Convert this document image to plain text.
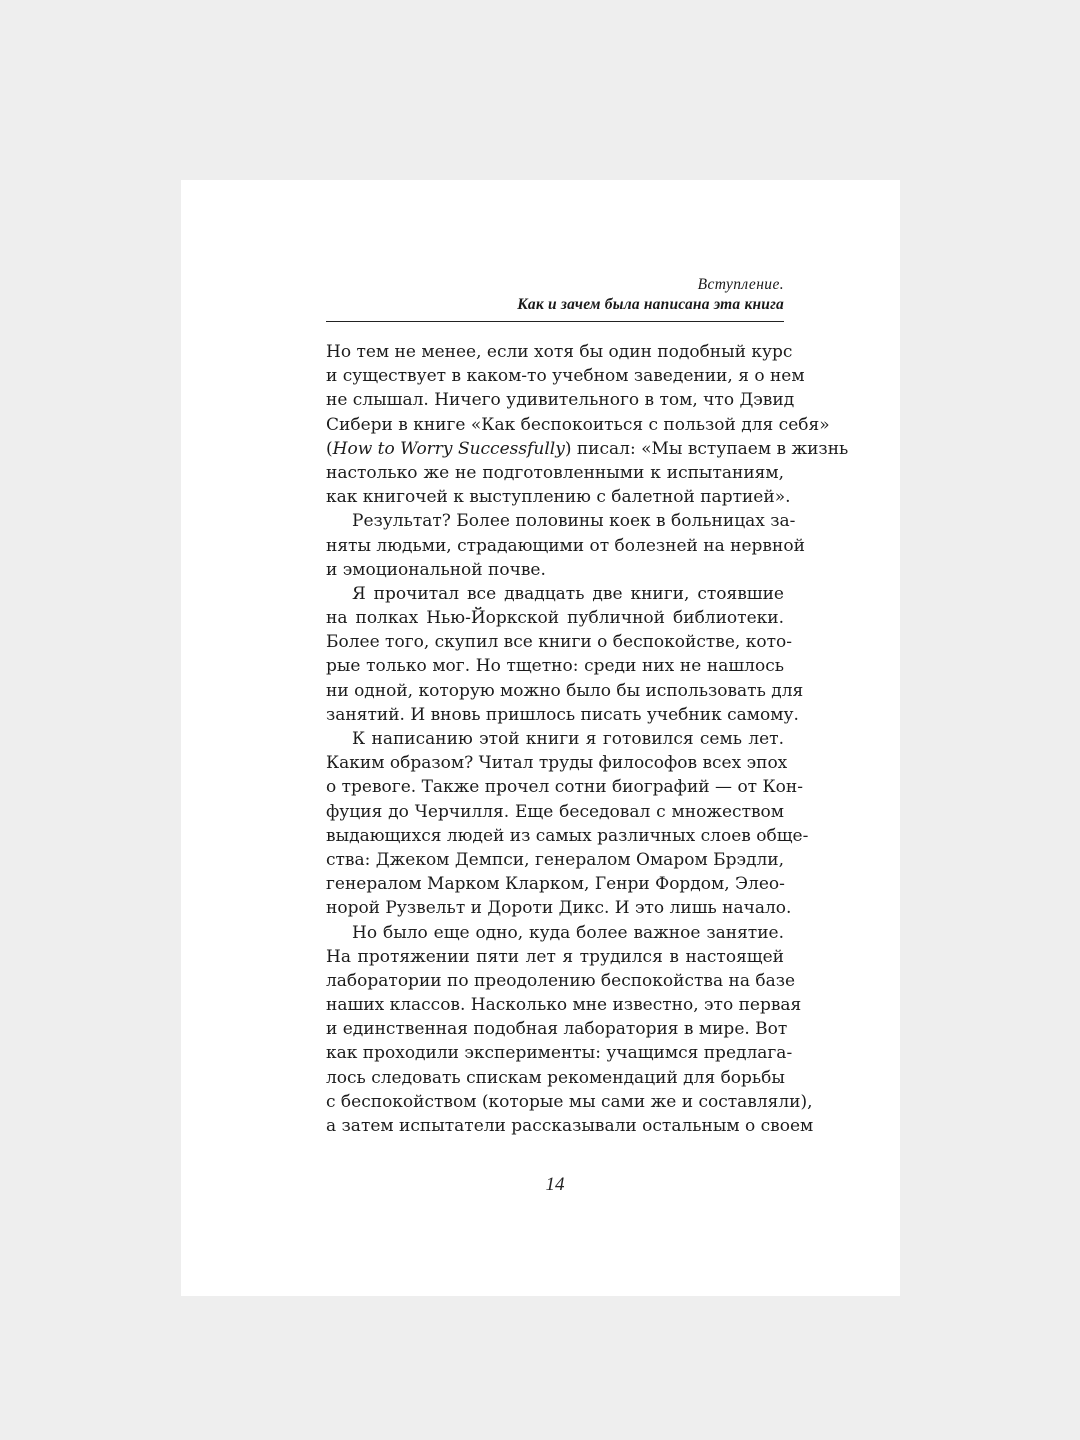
Вступление.
Как и зачем была написана эта книга
Но тем не менее, если хотя бы один подобный курс
и существует в каком-то учебном заведении, я о нем
не слышал. Ничего удивительного в том, что Дэвид
Сибери в книге «Как беспокоиться с пользой для себя»
(How to Worry Successfully) писал: «Мы вступаем в жизнь
настолько же не подготовленными к испытаниям,
как книгочей к выступлению с балетной партией».
Результат? Более половины коек в больницах за-
няты людьми, страдающими от болезней на нервной
и эмоциональной почве.
Я прочитал все двадцать две книги, стоявшие
на полках Нью-Йоркской публичной библиотеки.
Более того, скупил все книги о беспокойстве, кото-
рые только мог. Но тщетно: среди них не нашлось
ни одной, которую можно было бы использовать для
занятий. И вновь пришлось писать учебник самому.
К написанию этой книги я готовился семь лет.
Каким образом? Читал труды философов всех эпох
о тревоге. Также прочел сотни биографий — от Кон-
фуция до Черчилля. Еще беседовал с множеством
выдающихся людей из самых различных слоев обще-
ства: Джеком Демпси, генералом Омаром Брэдли,
генералом Марком Кларком, Генри Фордом, Элео-
норой Рузвельт и Дороти Дикс. И это лишь начало.
Но было еще одно, куда более важное занятие.
На протяжении пяти лет я трудился в настоящей
лаборатории по преодолению беспокойства на базе
наших классов. Насколько мне известно, это первая
и единственная подобная лаборатория в мире. Вот
как проходили эксперименты: учащимся предлага-
лось следовать спискам рекомендаций для борьбы
с беспокойством (которые мы сами же и составляли),
а затем испытатели рассказывали остальным о своем
14
